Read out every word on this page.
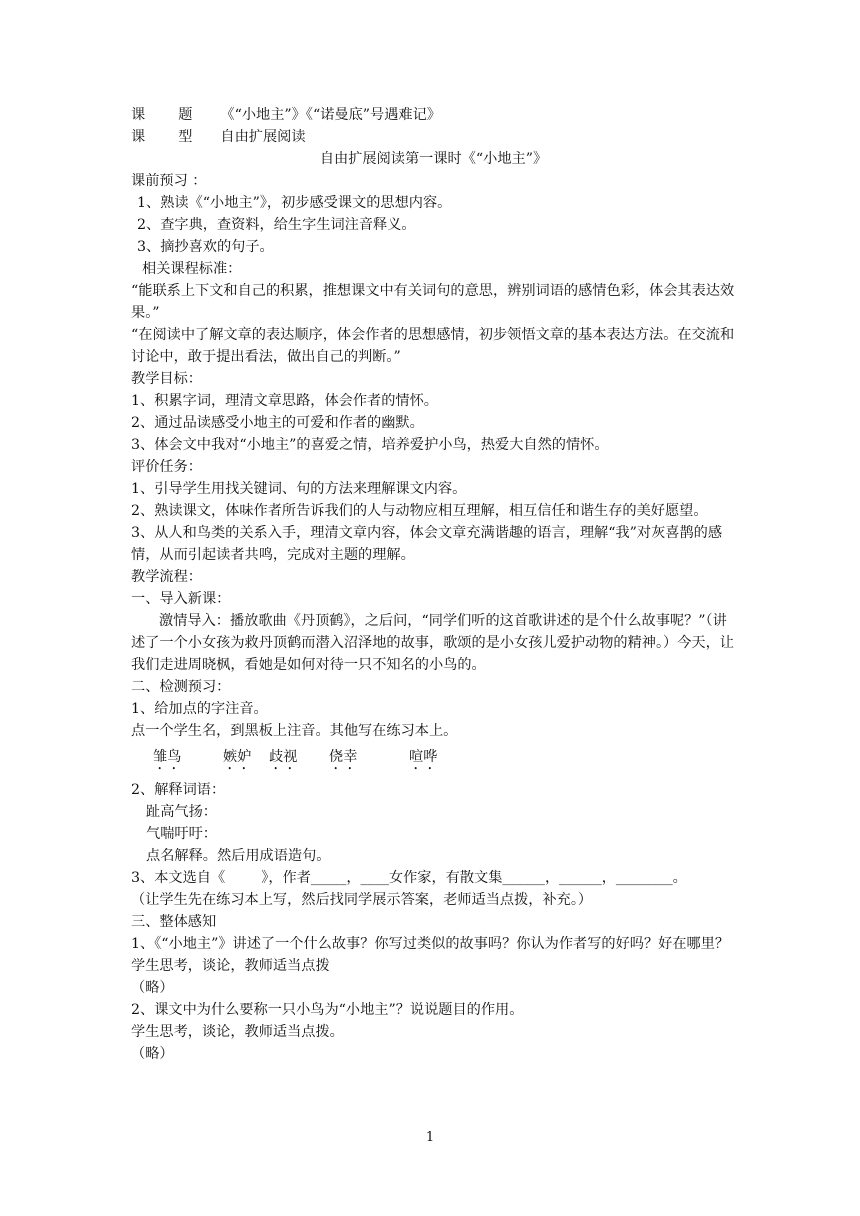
课 题 《“小地主”》《“诺曼底”号遇难记》
课 型 自由扩展阅读
自由扩展阅读第一课时《“小地主”》
课前预习 ：
1、熟读《“小地主”》，初步感受课文的思想内容。
2、查字典，查资料，给生字生词注音释义。
3、摘抄喜欢的句子。
相关课程标准：
“能联系上下文和自己的积累，推想课文中有关词句的意思，辨别词语的感情色彩，体会其表达效果。”
“在阅读中了解文章的表达顺序，体会作者的思想感情，初步领悟文章的基本表达方法。在交流和讨论中，敢于提出看法，做出自己的判断。”
教学目标：
1、积累字词，理清文章思路，体会作者的情怀。
2、通过品读感受小地主的可爱和作者的幽默。
3、体会文中我对“小地主”的喜爱之情，培养爱护小鸟，热爱大自然的情怀。
评价任务：
1、引导学生用找关键词、句的方法来理解课文内容。
2、熟读课文，体味作者所告诉我们的人与动物应相互理解，相互信任和谐生存的美好愿望。
3、从人和鸟类的关系入手，理清文章内容，体会文章充满谐趣的语言，理解“我”对灰喜鹊的感情，从而引起读者共鸣，完成对主题的理解。
教学流程：
一、导入新课：
激情导入：播放歌曲《丹顶鹤》，之后问，“同学们听的这首歌讲述的是个什么故事呢？”（讲述了一个小女孩为救丹顶鹤而潜入沼泽地的故事，歌颂的是小女孩儿爱护动物的精神。）今天，让我们走进周晓枫，看她是如何对待一只不知名的小鸟的。
二、检测预习：
1、给加点的字注音。
点一个学生名，到黑板上注音。其他写在练习本上。
雏鸟	嫉妒 歧视 侥幸	喧哗
2、解释词语：
趾高气扬：
气喘吁吁：
点名解释。然后用成语造句。
3、本文选自《        》，作者_____，____女作家，有散文集______，______，________。
（让学生先在练习本上写，然后找同学展示答案，老师适当点拨，补充。）
三、整体感知
1、《“小地主”》讲述了一个什么故事？你写过类似的故事吗？你认为作者写的好吗？好在哪里？
学生思考，谈论，教师适当点拨
（略）
2、课文中为什么要称一只小鸟为“小地主”？说说题目的作用。
学生思考，谈论，教师适当点拨。
（略）
1
